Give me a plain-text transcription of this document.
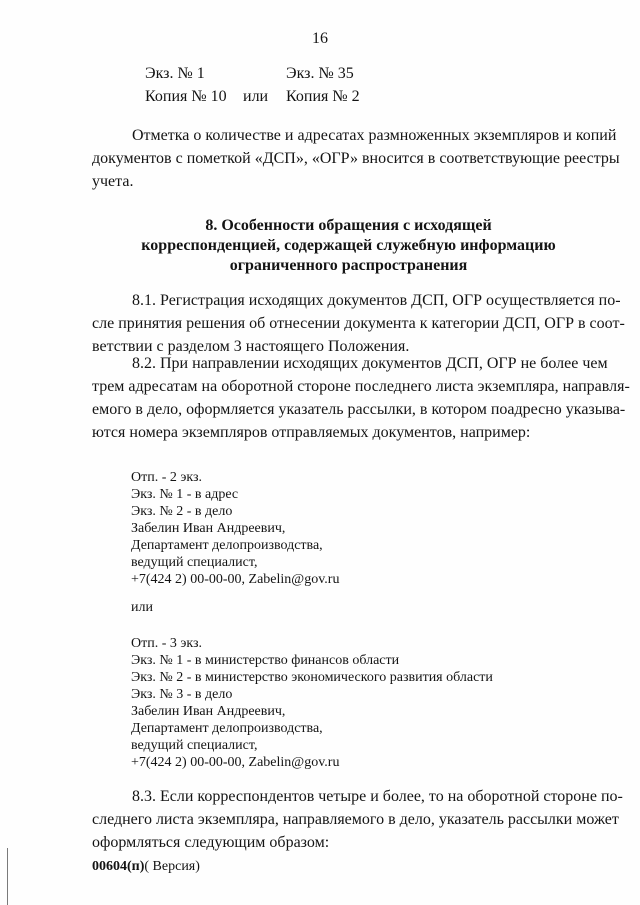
16
Экз. № 1	Экз. № 35
Копия № 10 или Копия № 2
Отметка о количестве и адресатах размноженных экземпляров и копий
документов с пометкой «ДСП», «ОГР» вносится в соответствующие реестры
учета.
8. Особенности обращения с исходящей
корреспонденцией, содержащей служебную информацию
ограниченного распространения
8.1. Регистрация исходящих документов ДСП, ОГР осуществляется по-
сле принятия решения об отнесении документа к категории ДСП, ОГР в соот-
ветствии с разделом 3 настоящего Положения.
8.2. При направлении исходящих документов ДСП, ОГР не более чем
трем адресатам на оборотной стороне последнего листа экземпляра, направля-
емого в дело, оформляется указатель рассылки, в котором поадресно указыва-
ются номера экземпляров отправляемых документов, например:
Отп. - 2 экз.
Экз. № 1 - в адрес
Экз. № 2 - в дело
Забелин Иван Андреевич,
Департамент делопроизводства,
ведущий специалист,
+7(424 2) 00-00-00, Zabelin@gov.ru
или
Отп. - 3 экз.
Экз. № 1 - в министерство финансов области
Экз. № 2 - в министерство экономического развития области
Экз. № 3 - в дело
Забелин Иван Андреевич,
Департамент делопроизводства,
ведущий специалист,
+7(424 2) 00-00-00, Zabelin@gov.ru
8.3. Если корреспондентов четыре и более, то на оборотной стороне по-
следнего листа экземпляра, направляемого в дело, указатель рассылки может
оформляться следующим образом:
00604(п)( Версия)
